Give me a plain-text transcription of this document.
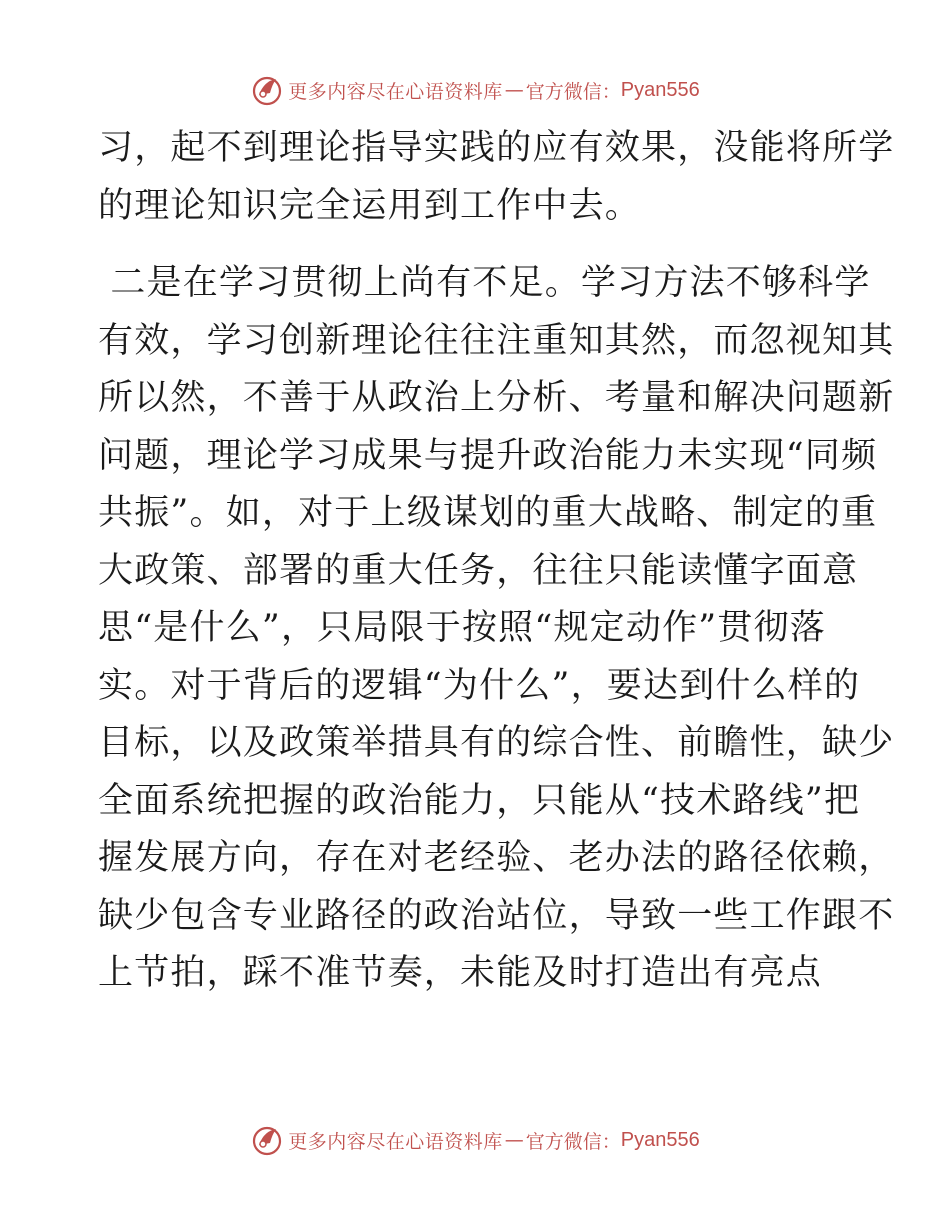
更多内容尽在心语资料库 — 官方微信： Pyan556
习，起不到理论指导实践的应有效果，没能将所学
的理论知识完全运用到工作中去。
二是在学习贯彻上尚有不足。学习方法不够科学
有效，学习创新理论往往注重知其然，而忽视知其
所以然，不善于从政治上分析、考量和解决问题新
问题，理论学习成果与提升政治能力未实现“同频
共振”。如，对于上级谋划的重大战略、制定的重
大政策、部署的重大任务，往往只能读懂字面意
思“是什么”，只局限于按照“规定动作”贯彻落
实。对于背后的逻辑“为什么”，要达到什么样的
目标，以及政策举措具有的综合性、前瞻性，缺少
全面系统把握的政治能力，只能从“技术路线”把
握发展方向，存在对老经验、老办法的路径依赖，
缺少包含专业路径的政治站位，导致一些工作跟不
上节拍，踩不准节奏，未能及时打造出有亮点
更多内容尽在心语资料库 — 官方微信： Pyan556
